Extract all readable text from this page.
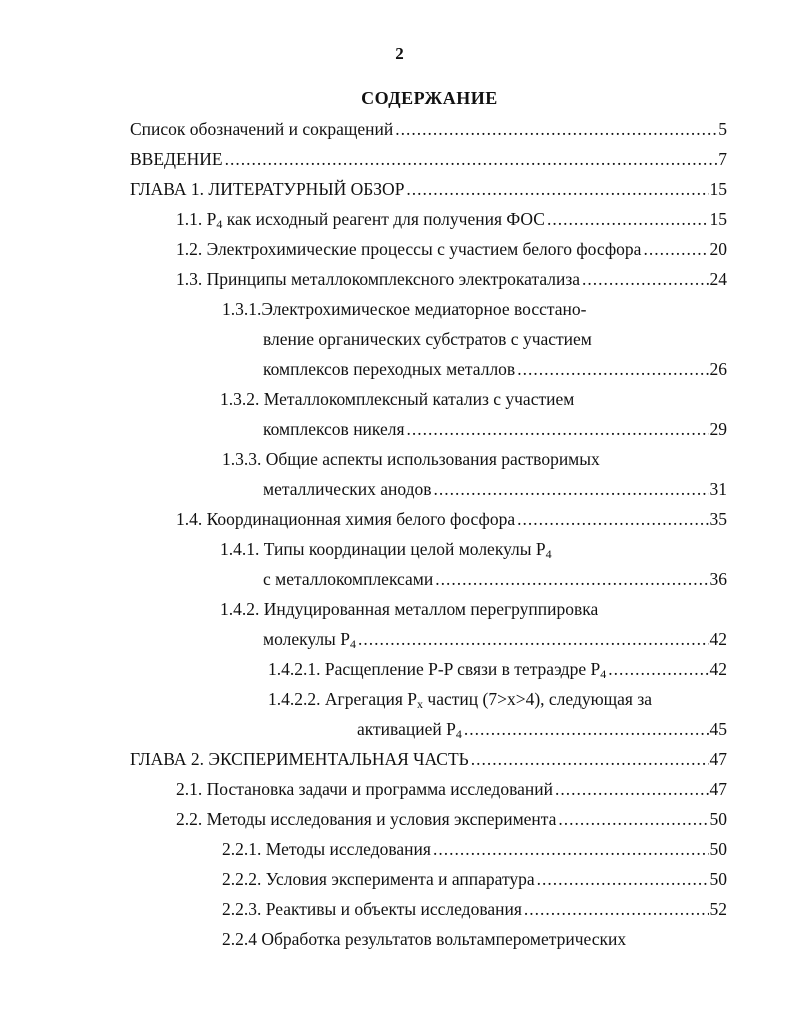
2
СОДЕРЖАНИЕ
Список обозначений и сокращений .....	5
ВВЕДЕНИЕ .....	7
ГЛАВА 1. ЛИТЕРАТУРНЫЙ ОБЗОР .....	15
1.1. $P_4$ как исходный реагент для получения ФОС .....	15
1.2. Электрохимические процессы с участием белого фосфора .....	20
1.3. Принципы металлокомплексного электрокатализа .....	24
1.3.1.Электрохимическое медиаторное восстано-
вление органических субстратов с участием
комплексов переходных металлов .....	26
1.3.2. Металлокомплексный катализ с участием
комплексов никеля .....	29
1.3.3. Общие аспекты использования растворимых
металлических анодов .....	31
1.4. Координационная химия белого фосфора .....	35
1.4.1. Типы координации целой молекулы $P_4$
с металлокомплексами .....	36
1.4.2. Индуцированная металлом перегруппировка
молекулы $P_4$ .....	42
1.4.2.1. Расщепление P-P связи в тетраэдре $P_4$ .....	42
1.4.2.2. Агрегация $P_x$ частиц (7>x>4), следующая за
активацией $P_4$ .....	45
ГЛАВА 2. ЭКСПЕРИМЕНТАЛЬНАЯ ЧАСТЬ .....	47
2.1. Постановка задачи и программа исследований .....	47
2.2. Методы исследования и условия эксперимента .....	50
2.2.1. Методы исследования .....	50
2.2.2. Условия эксперимента и аппаратура .....	50
2.2.3. Реактивы и объекты исследования .....	52
2.2.4 Обработка результатов вольтамперометрических
